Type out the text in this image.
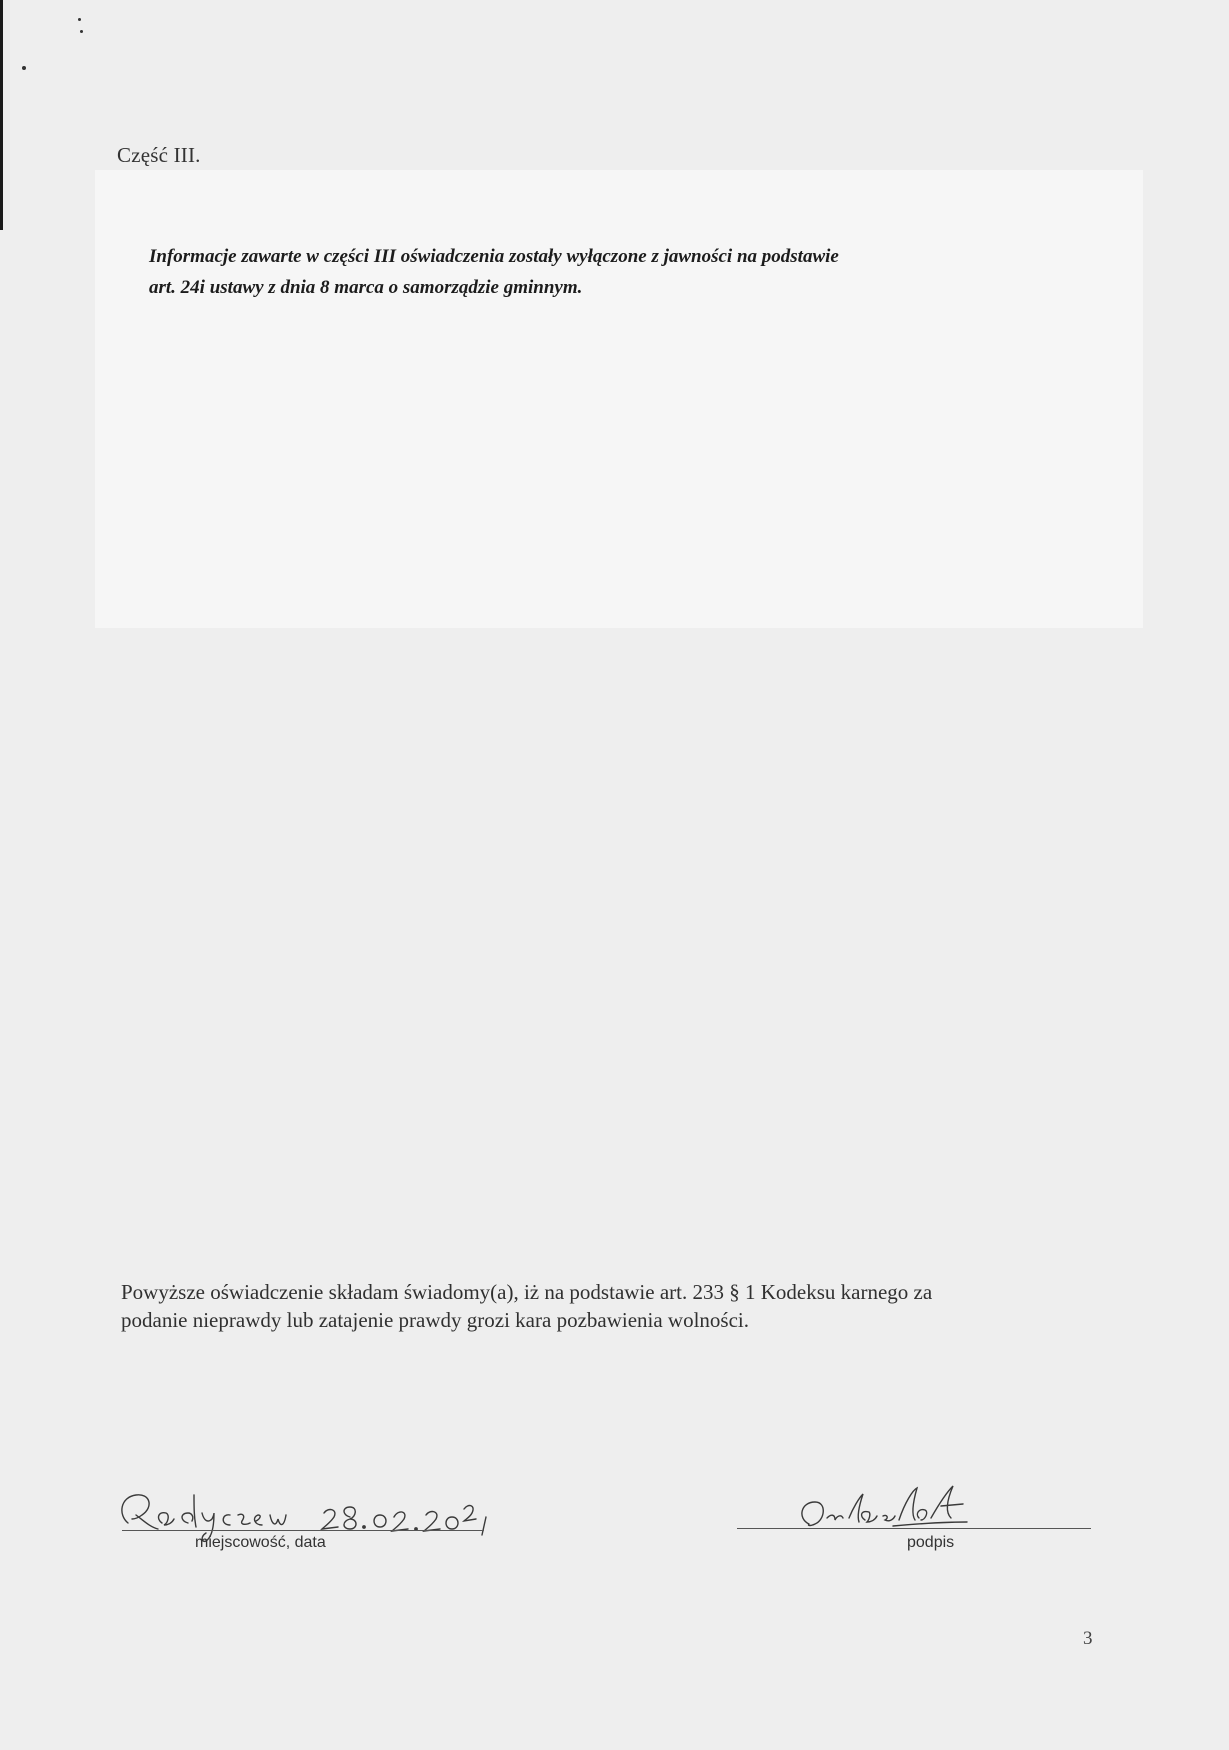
Część III.
Informacje zawarte w części III oświadczenia zostały wyłączone z jawności na podstawie
art. 24i ustawy z dnia 8 marca o samorządzie gminnym.
Powyższe oświadczenie składam świadomy(a), iż na podstawie art. 233 § 1 Kodeksu karnego za
podanie nieprawdy lub zatajenie prawdy grozi kara pozbawienia wolności.
miejscowość, data	podpis
3
